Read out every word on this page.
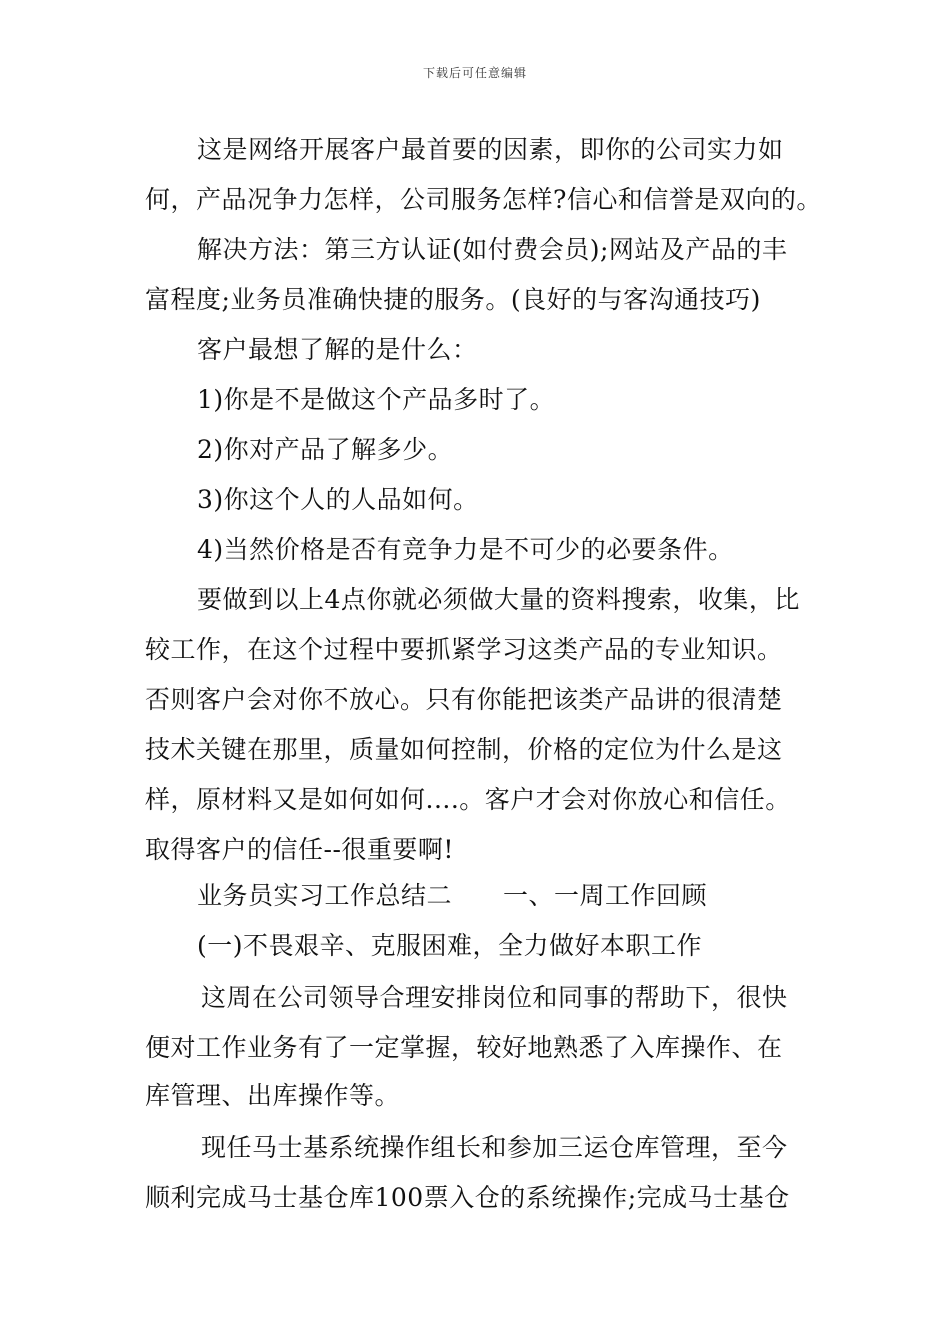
下载后可任意编辑
这是网络开展客户最首要的因素，即你的公司实力如
何，产品况争力怎样，公司服务怎样?信心和信誉是双向的。
解决方法：第三方认证(如付费会员);网站及产品的丰
富程度;业务员准确快捷的服务。(良好的与客沟通技巧)
客户最想了解的是什么：
1)你是不是做这个产品多时了。
2)你对产品了解多少。
3)你这个人的人品如何。
4)当然价格是否有竞争力是不可少的必要条件。
要做到以上4点你就必须做大量的资料搜索，收集，比
较工作，在这个过程中要抓紧学习这类产品的专业知识。
否则客户会对你不放心。只有你能把该类产品讲的很清楚
技术关键在那里，质量如何控制，价格的定位为什么是这
样，原材料又是如何如何....。客户才会对你放心和信任。
取得客户的信任--很重要啊!
业务员实习工作总结二　　一、一周工作回顾
(一)不畏艰辛、克服困难，全力做好本职工作
这周在公司领导合理安排岗位和同事的帮助下，很快
便对工作业务有了一定掌握，较好地熟悉了入库操作、在
库管理、出库操作等。
现任马士基系统操作组长和参加三运仓库管理，至今
顺利完成马士基仓库100票入仓的系统操作;完成马士基仓
